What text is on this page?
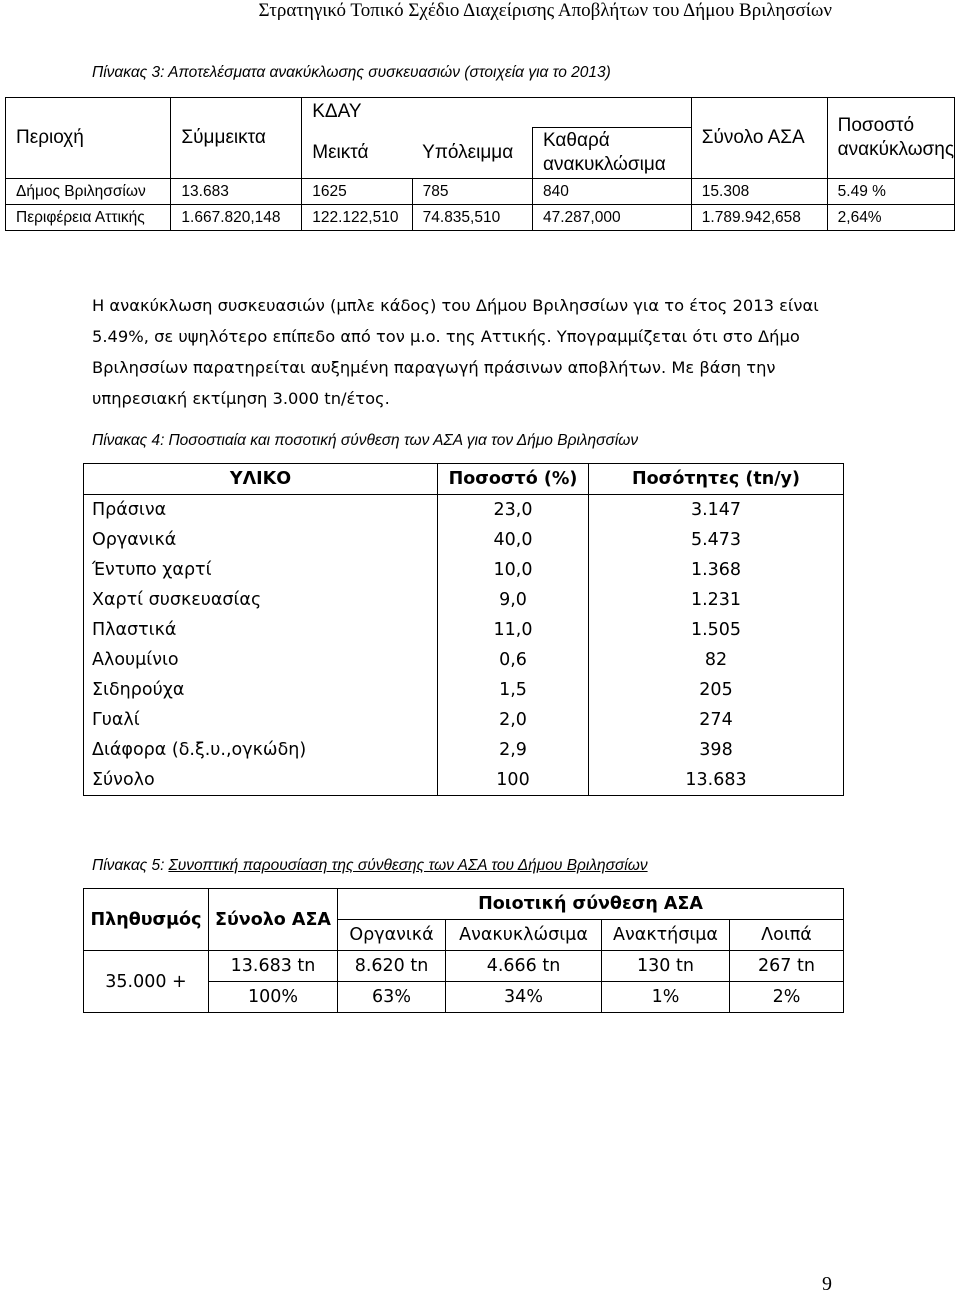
Στρατηγικό Τοπικό Σχέδιο Διαχείρισης Αποβλήτων του Δήμου Βριλησσίων
Πίνακας 3: Αποτελέσματα ανακύκλωσης συσκευασιών (στοιχεία για το 2013)
Περιοχή	Σύμμεικτα	ΚΔΑΥ			Σύνολο ΑΣΑ	Ποσοστό
ανακύκλωσης
		Μεικτά	Υπόλειμμα	Καθαρά
ανακυκλώσιμα		
Δήμος Βριλησσίων	13.683	1625	785	840	15.308	5.49 %
Περιφέρεια Αττικής	1.667.820,148	122.122,510	74.835,510	47.287,000	1.789.942,658	2,64%
Η ανακύκλωση συσκευασιών (μπλε κάδος) του Δήμου Βριλησσίων για το έτος 2013 είναι 5.49%, σε υψηλότερο επίπεδο από τον μ.ο. της Αττικής. Υπογραμμίζεται ότι στο Δήμο Βριλησσίων παρατηρείται αυξημένη παραγωγή πράσινων αποβλήτων. Με βάση την υπηρεσιακή εκτίμηση 3.000 tn/έτος.
Πίνακας 4: Ποσοστιαία και ποσοτική σύνθεση των ΑΣΑ για τον Δήμο Βριλησσίων
ΥΛΙΚΟ	Ποσοστό (%)	Ποσότητες (tn/y)
Πράσινα	23,0	3.147
Οργανικά	40,0	5.473
Έντυπο χαρτί	10,0	1.368
Χαρτί συσκευασίας	9,0	1.231
Πλαστικά	11,0	1.505
Αλουμίνιο	0,6	82
Σιδηρούχα	1,5	205
Γυαλί	2,0	274
Διάφορα (δ.ξ.υ.,ογκώδη)	2,9	398
Σύνολο	100	13.683
Πίνακας 5: Συνοπτική παρουσίαση της σύνθεσης των ΑΣΑ του Δήμου Βριλησσίων
Πληθυσμός	Σύνολο ΑΣΑ	Ποιοτική σύνθεση ΑΣΑ			
		Οργανικά	Ανακυκλώσιμα	Ανακτήσιμα	Λοιπά
35.000 +	13.683 tn	8.620 tn	4.666 tn	130 tn	267 tn
	100%	63%	34%	1%	2%
9
